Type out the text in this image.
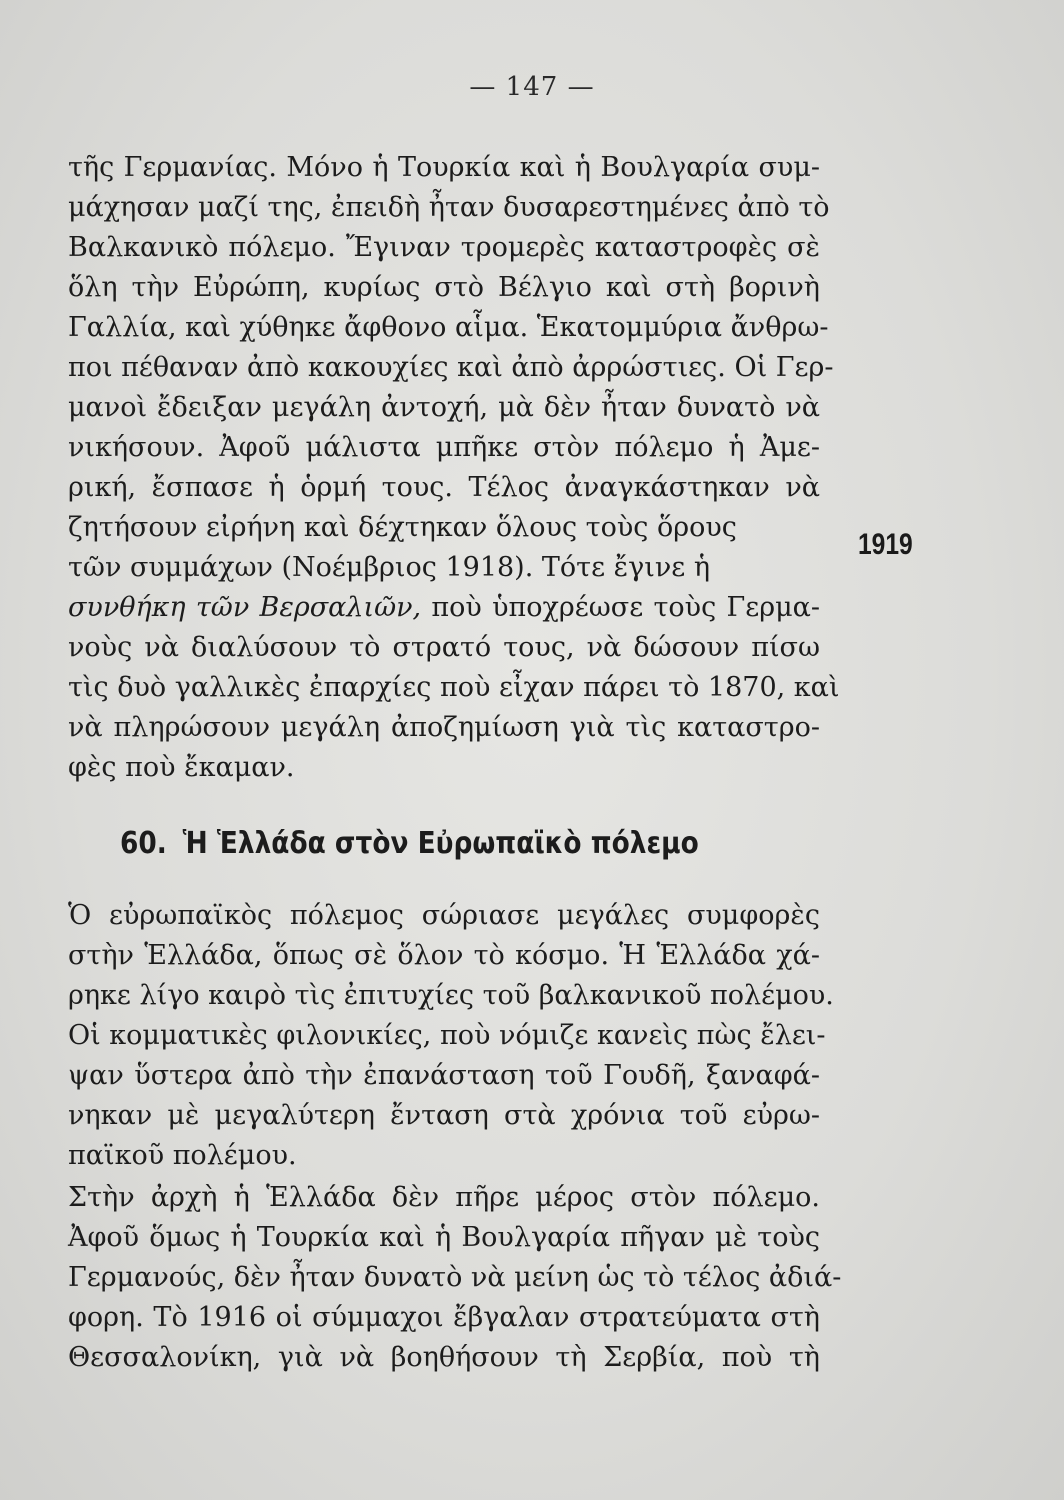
— 147 —
τῆς Γερμανίας. Μόνο ἡ Τουρκία καὶ ἡ Βουλγαρία συμ-
μάχησαν μαζί της, ἐπειδὴ ἦταν δυσαρεστημένες ἀπὸ τὸ
Βαλκανικὸ πόλεμο. Ἔγιναν τρομερὲς καταστροφὲς σὲ
ὅλη τὴν Εὐρώπη, κυρίως στὸ Βέλγιο καὶ στὴ βορινὴ
Γαλλία, καὶ χύθηκε ἄφθονο αἷμα. Ἑκατομμύρια ἄνθρω-
ποι πέθαναν ἀπὸ κακουχίες καὶ ἀπὸ ἀρρώστιες. Οἱ Γερ-
μανοὶ ἔδειξαν μεγάλη ἀντοχή, μὰ δὲν ἦταν δυνατὸ νὰ
νικήσουν. Ἀφοῦ μάλιστα μπῆκε στὸν πόλεμο ἡ Ἀμε-
ρική, ἔσπασε ἡ ὁρμή τους. Τέλος ἀναγκάστηκαν νὰ
ζητήσουν εἰρήνη καὶ δέχτηκαν ὅλους τοὺς ὅρους
τῶν συμμάχων (Νοέμβριος 1918). Τότε ἔγινε ἡ
συνθήκη τῶν Βερσαλιῶν, ποὺ ὑποχρέωσε τοὺς Γερμα-
νοὺς νὰ διαλύσουν τὸ στρατό τους, νὰ δώσουν πίσω
τὶς δυὸ γαλλικὲς ἐπαρχίες ποὺ εἶχαν πάρει τὸ 1870, καὶ
νὰ πληρώσουν μεγάλη ἀποζημίωση γιὰ τὶς καταστρο-
φὲς ποὺ ἔκαμαν.
1919
60. Ἡ Ἑλλάδα στὸν Εὐρωπαϊκὸ πόλεμο
Ὁ εὐρωπαϊκὸς πόλεμος σώριασε μεγάλες συμφορὲς
στὴν Ἑλλάδα, ὅπως σὲ ὅλον τὸ κόσμο. Ἡ Ἑλλάδα χά-
ρηκε λίγο καιρὸ τὶς ἐπιτυχίες τοῦ βαλκανικοῦ πολέμου.
Οἱ κομματικὲς φιλονικίες, ποὺ νόμιζε κανεὶς πὼς ἔλει-
ψαν ὕστερα ἀπὸ τὴν ἐπανάσταση τοῦ Γουδῆ, ξαναφά-
νηκαν μὲ μεγαλύτερη ἔνταση στὰ χρόνια τοῦ εὐρω-
παϊκοῦ πολέμου.
Στὴν ἀρχὴ ἡ Ἑλλάδα δὲν πῆρε μέρος στὸν πόλεμο.
Ἀφοῦ ὅμως ἡ Τουρκία καὶ ἡ Βουλγαρία πῆγαν μὲ τοὺς
Γερμανούς, δὲν ἦταν δυνατὸ νὰ μείνη ὡς τὸ τέλος ἀδιά-
φορη. Τὸ 1916 οἱ σύμμαχοι ἔβγαλαν στρατεύματα στὴ
Θεσσαλονίκη, γιὰ νὰ βοηθήσουν τὴ Σερβία, ποὺ τὴ
